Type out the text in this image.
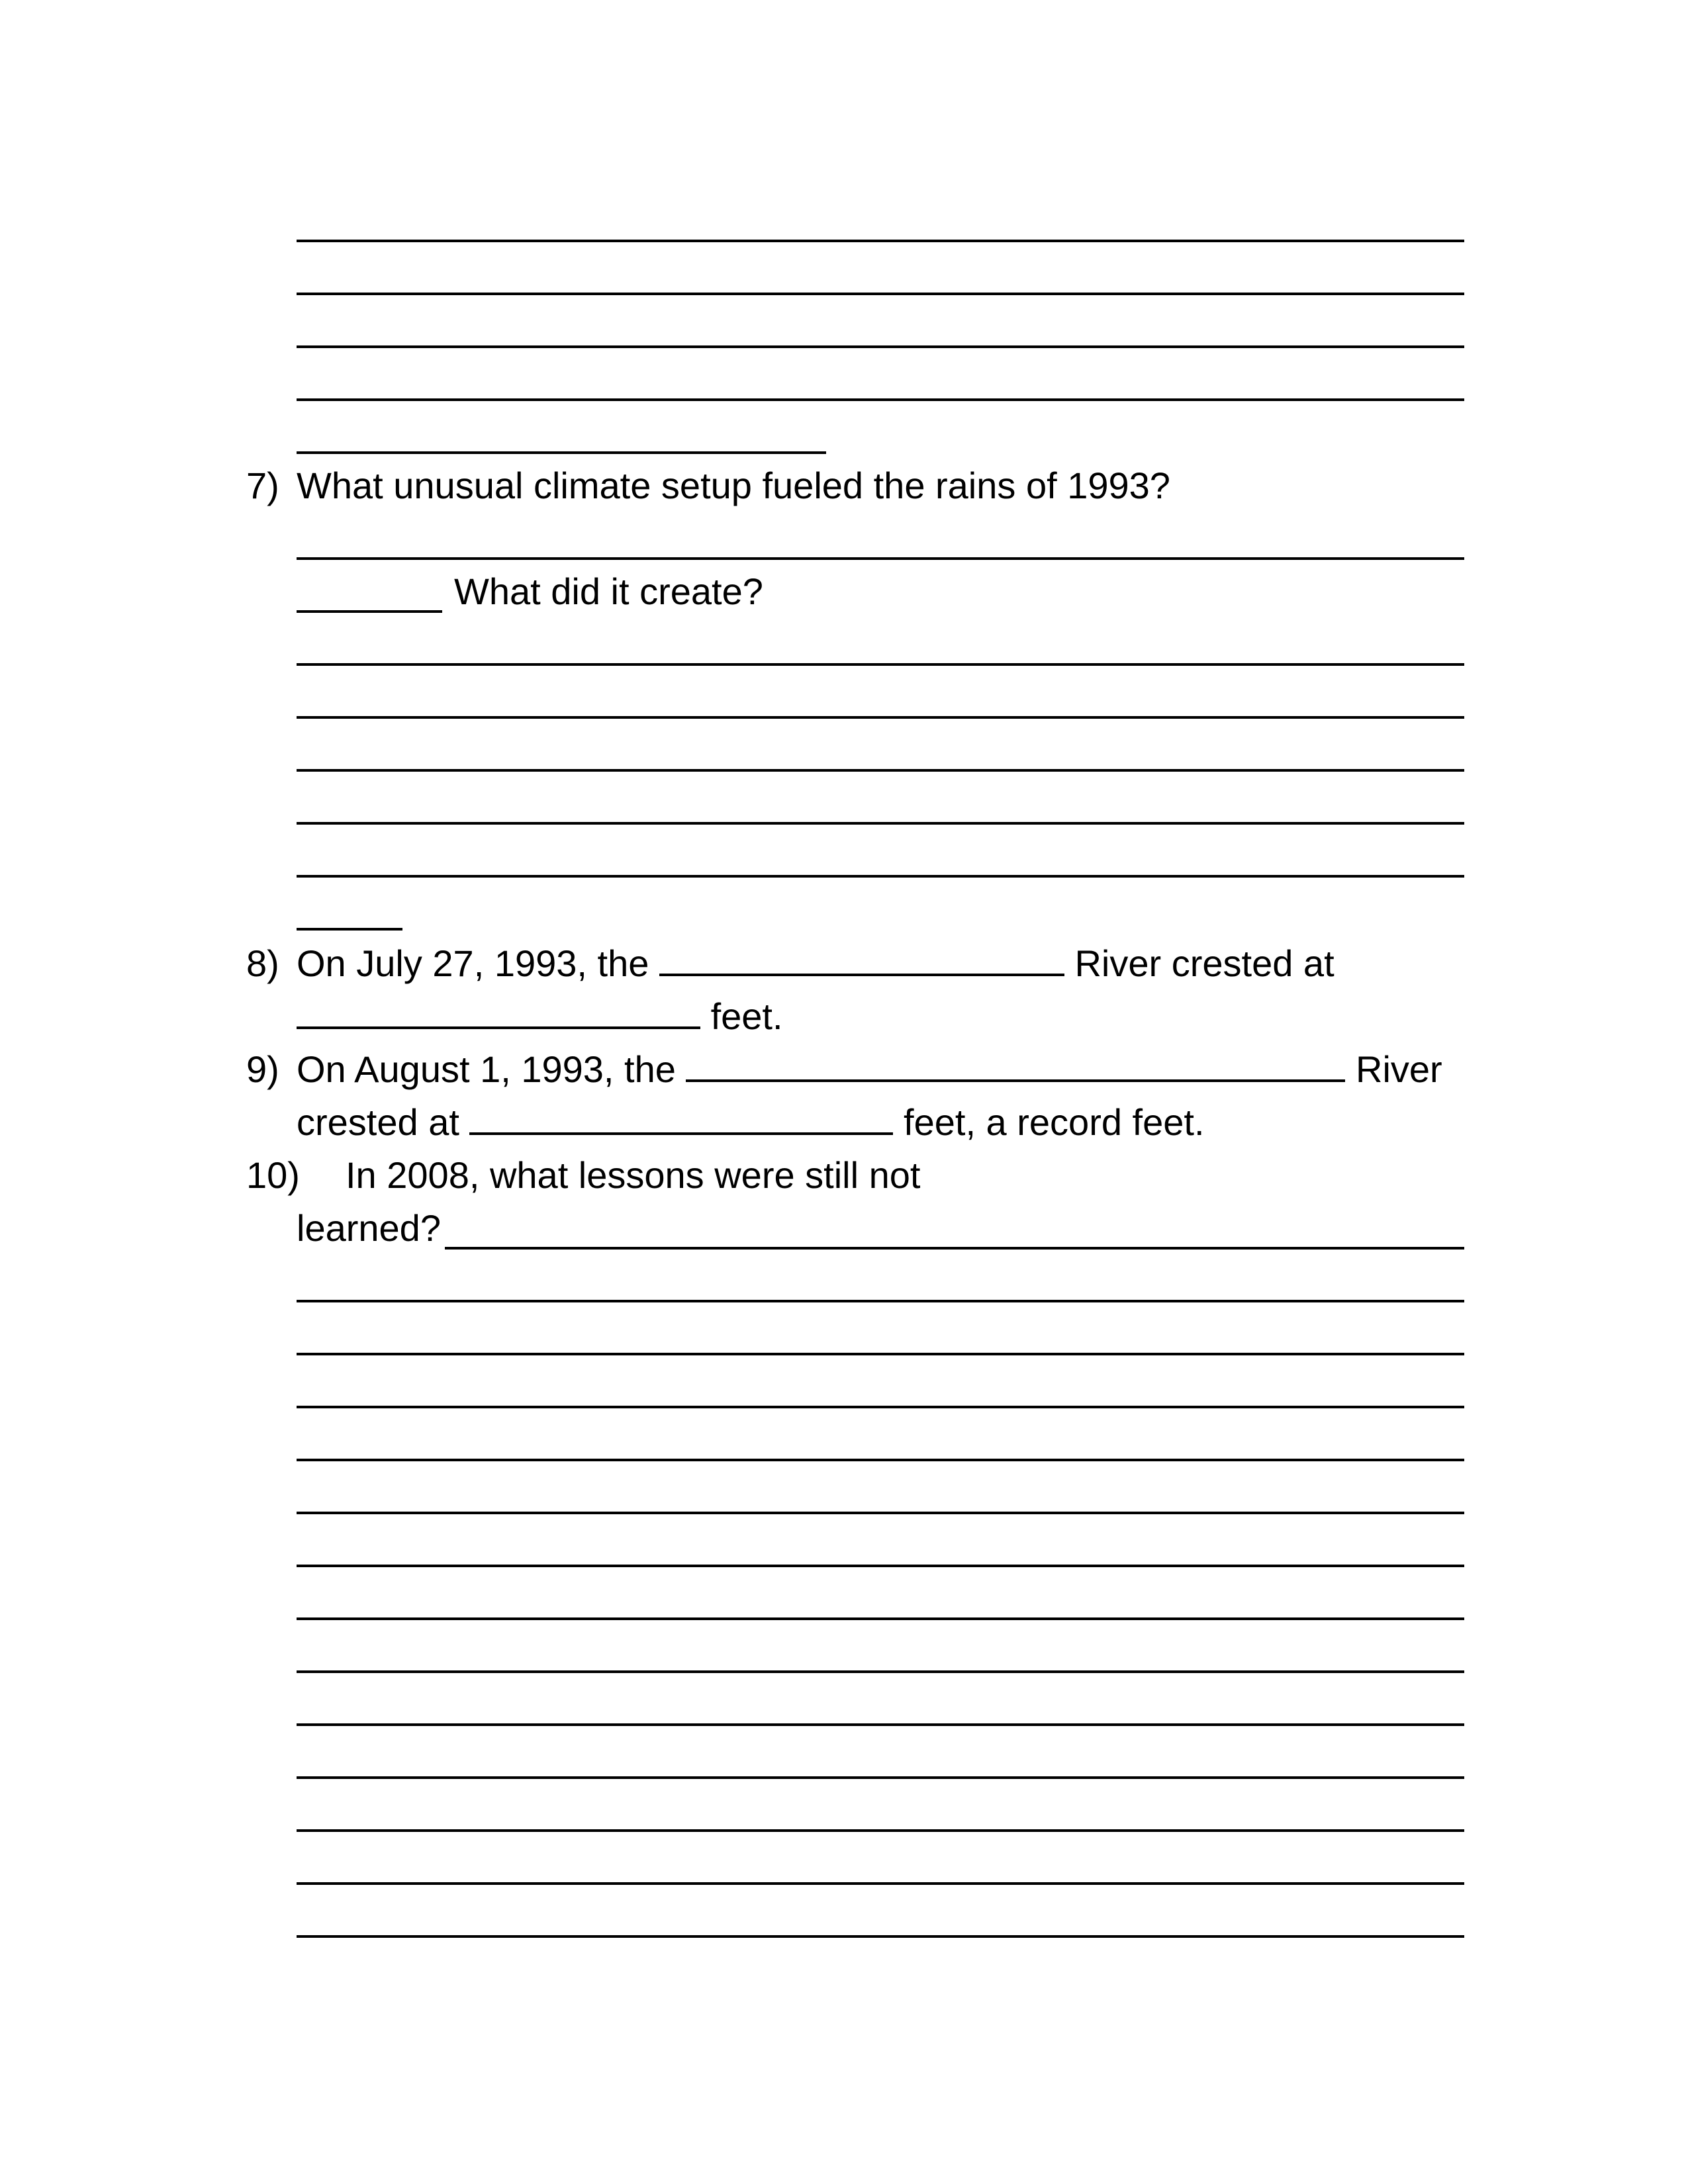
7) What unusual climate setup fueled the rains of 1993?
What did it create?
8) On July 27, 1993, the	River crested at
feet.
9) On August 1, 1993, the	River
crested at	feet, a record feet.
10) In 2008, what lessons were still not
learned?
